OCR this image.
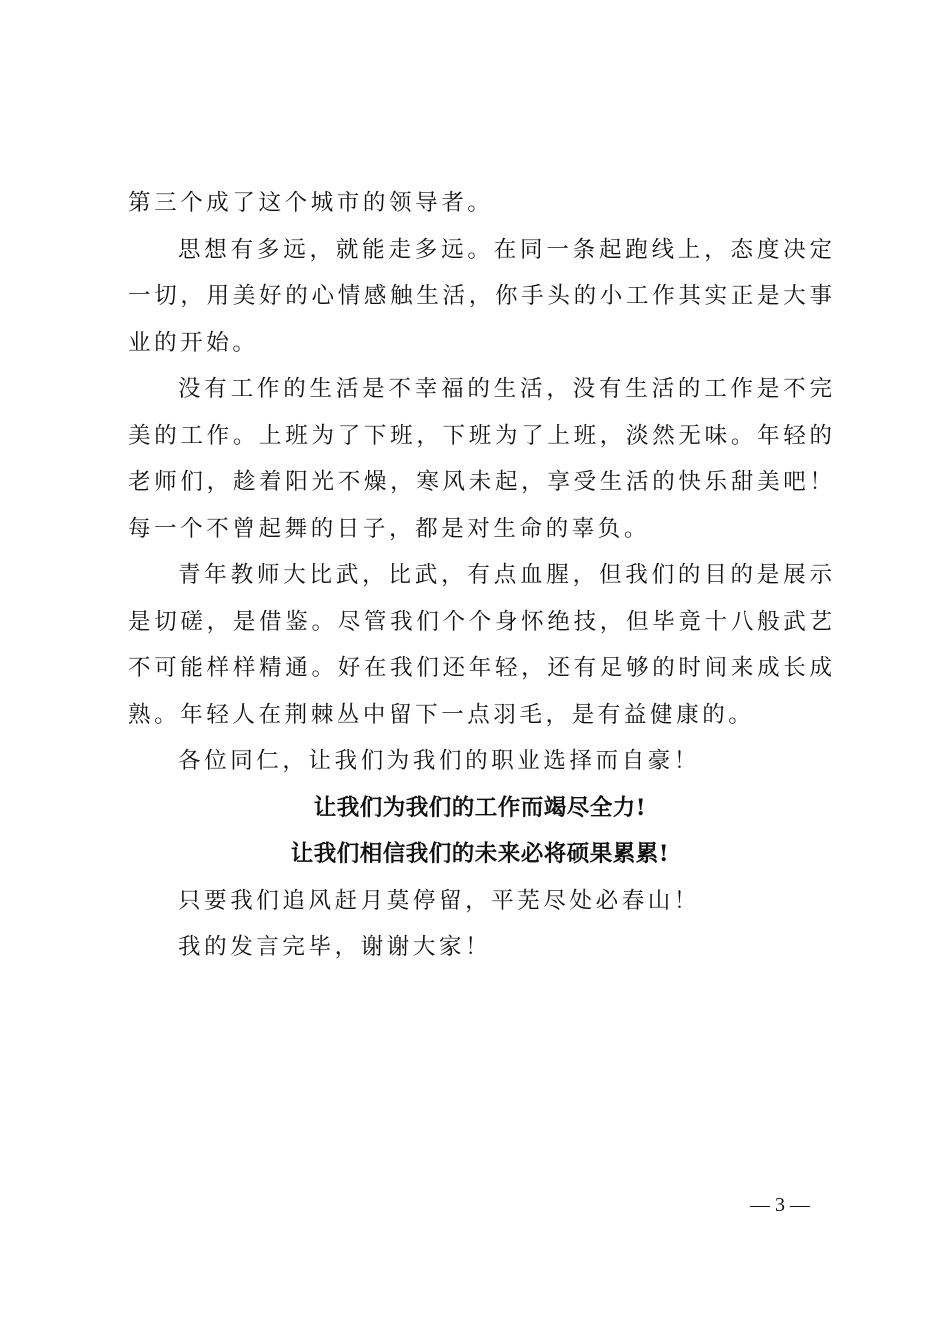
第三个成了这个城市的领导者。
思想有多远，就能走多远。在同一条起跑线上，态度决定
一切，用美好的心情感触生活，你手头的小工作其实正是大事
业的开始。
没有工作的生活是不幸福的生活，没有生活的工作是不完
美的工作。上班为了下班，下班为了上班，淡然无味。年轻的
老师们，趁着阳光不燥，寒风未起，享受生活的快乐甜美吧！
每一个不曾起舞的日子，都是对生命的辜负。
青年教师大比武，比武，有点血腥，但我们的目的是展示
是切磋，是借鉴。尽管我们个个身怀绝技，但毕竟十八般武艺
不可能样样精通。好在我们还年轻，还有足够的时间来成长成
熟。年轻人在荆棘丛中留下一点羽毛，是有益健康的。
各位同仁，让我们为我们的职业选择而自豪！
让我们为我们的工作而竭尽全力!
让我们相信我们的未来必将硕果累累!
只要我们追风赶月莫停留，平芜尽处必春山！
我的发言完毕，谢谢大家！
— 3 —
